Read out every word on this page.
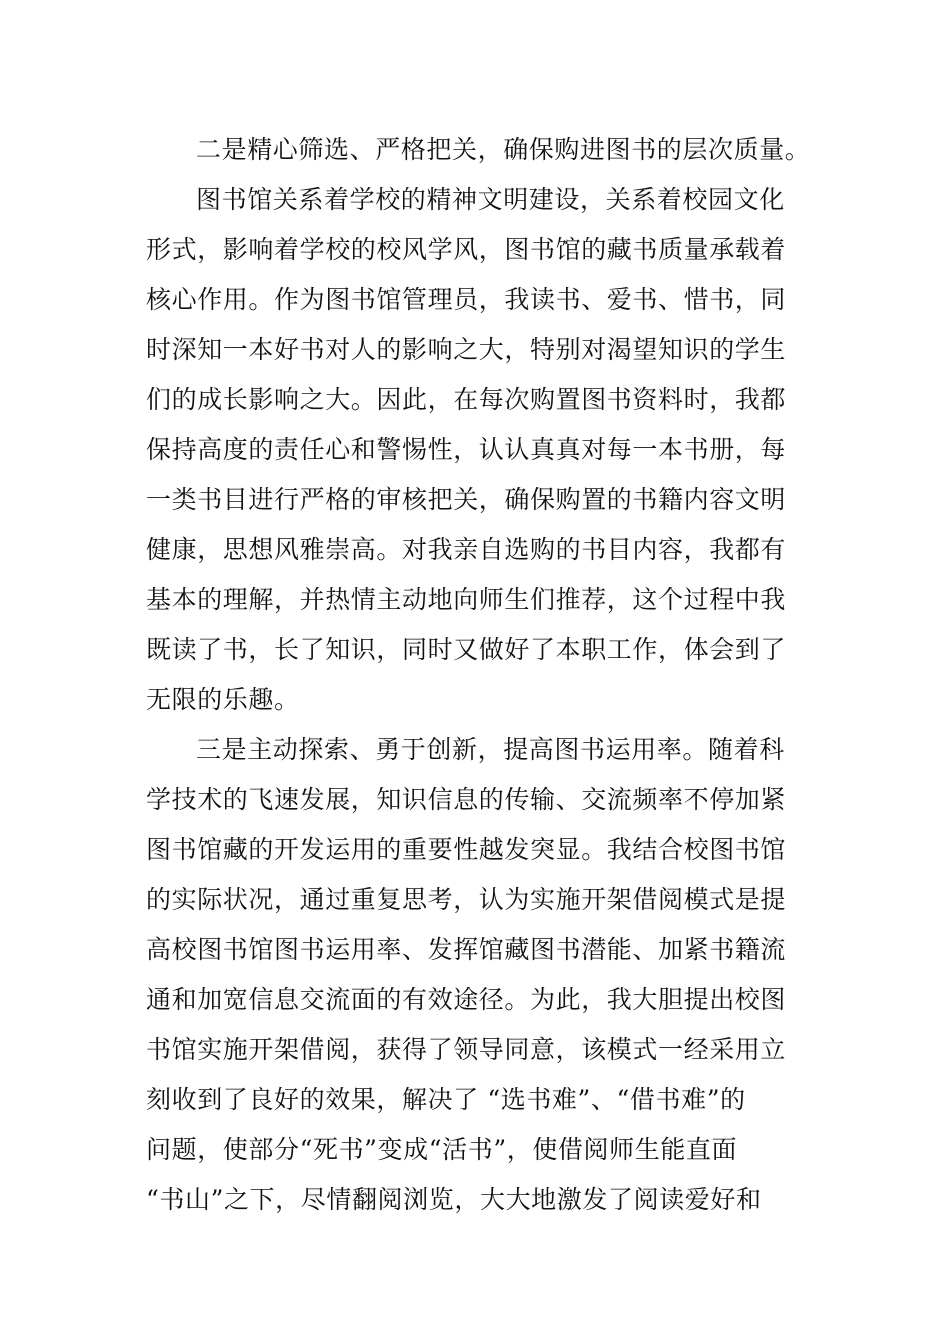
二是精心筛选、严格把关，确保购进图书的层次质量。
图书馆关系着学校的精神文明建设，关系着校园文化
形式，影响着学校的校风学风，图书馆的藏书质量承载着
核心作用。作为图书馆管理员，我读书、爱书、惜书，同
时深知一本好书对人的影响之大，特别对渴望知识的学生
们的成长影响之大。因此，在每次购置图书资料时，我都
保持高度的责任心和警惕性，认认真真对每一本书册，每
一类书目进行严格的审核把关，确保购置的书籍内容文明
健康，思想风雅崇高。对我亲自选购的书目内容，我都有
基本的理解，并热情主动地向师生们推荐，这个过程中我
既读了书，长了知识，同时又做好了本职工作，体会到了
无限的乐趣。
三是主动探索、勇于创新，提高图书运用率。随着科
学技术的飞速发展，知识信息的传输、交流频率不停加紧
图书馆藏的开发运用的重要性越发突显。我结合校图书馆
的实际状况，通过重复思考，认为实施开架借阅模式是提
高校图书馆图书运用率、发挥馆藏图书潜能、加紧书籍流
通和加宽信息交流面的有效途径。为此，我大胆提出校图
书馆实施开架借阅，获得了领导同意，该模式一经采用立
刻收到了良好的效果，解决了 “选书难”、“借书难”的
问题，使部分“死书”变成“活书”，使借阅师生能直面
“书山”之下，尽情翻阅浏览，大大地激发了阅读爱好和
